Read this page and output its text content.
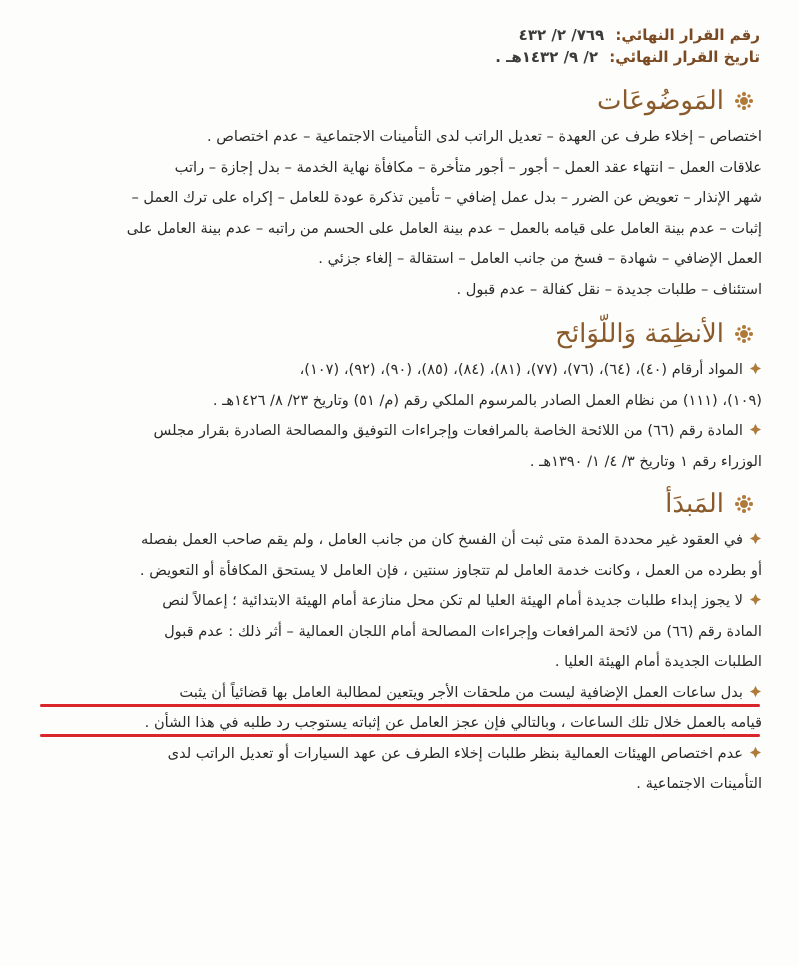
رقم القرار النهائي: ٧٦٩/ ٢/ ٤٣٢
تاريخ القرار النهائي: ٢/ ٩/ ١٤٣٢هـ .
المَوضُوعَات

اختصاص – إخلاء طرف عن العهدة – تعديل الراتب لدى التأمينات الاجتماعية – عدم اختصاص .

علاقات العمل – انتهاء عقد العمل – أجور – أجور متأخرة – مكافأة نهاية الخدمة – بدل إجازة – راتب

شهر الإنذار – تعويض عن الضرر – بدل عمل إضافي – تأمين تذكرة عودة للعامل – إكراه على ترك العمل –

إثبات – عدم بينة العامل على قيامه بالعمل – عدم بينة العامل على الحسم من راتبه – عدم بينة العامل على

العمل الإضافي – شهادة – فسخ من جانب العامل – استقالة – إلغاء جزئي .

استئناف – طلبات جديدة – نقل كفالة – عدم قبول .

الأنظِمَة وَاللّوَائح

المواد أرقام (٤٠)، (٦٤)، (٧٦)، (٧٧)، (٨١)، (٨٤)، (٨٥)، (٩٠)، (٩٢)، (١٠٧)،

(١٠٩)، (١١١) من نظام العمل الصادر بالمرسوم الملكي رقم (م/ ٥١) وتاريخ ٢٣/ ٨/ ١٤٢٦هـ .

المادة رقم (٦٦) من اللائحة الخاصة بالمرافعات وإجراءات التوفيق والمصالحة الصادرة بقرار مجلس

الوزراء رقم ١ وتاريخ ٣/ ٤/ ١/ ١٣٩٠هـ .

المَبدَأ

في العقود غير محددة المدة متى ثبت أن الفسخ كان من جانب العامل ، ولم يقم صاحب العمل بفصله

أو بطرده من العمل ، وكانت خدمة العامل لم تتجاوز سنتين ، فإن العامل لا يستحق المكافأة أو التعويض .

لا يجوز إبداء طلبات جديدة أمام الهيئة العليا لم تكن محل منازعة أمام الهيئة الابتدائية ؛ إعمالاً لنص

المادة رقم (٦٦) من لائحة المرافعات وإجراءات المصالحة أمام اللجان العمالية – أثر ذلك : عدم قبول

الطلبات الجديدة أمام الهيئة العليا .

بدل ساعات العمل الإضافية ليست من ملحقات الأجر ويتعين لمطالبة العامل بها قضائياً أن يثبت

قيامه بالعمل خلال تلك الساعات ، وبالتالي فإن عجز العامل عن إثباته يستوجب رد طلبه في هذا الشأن .

عدم اختصاص الهيئات العمالية بنظر طلبات إخلاء الطرف عن عهد السيارات أو تعديل الراتب لدى

التأمينات الاجتماعية .
